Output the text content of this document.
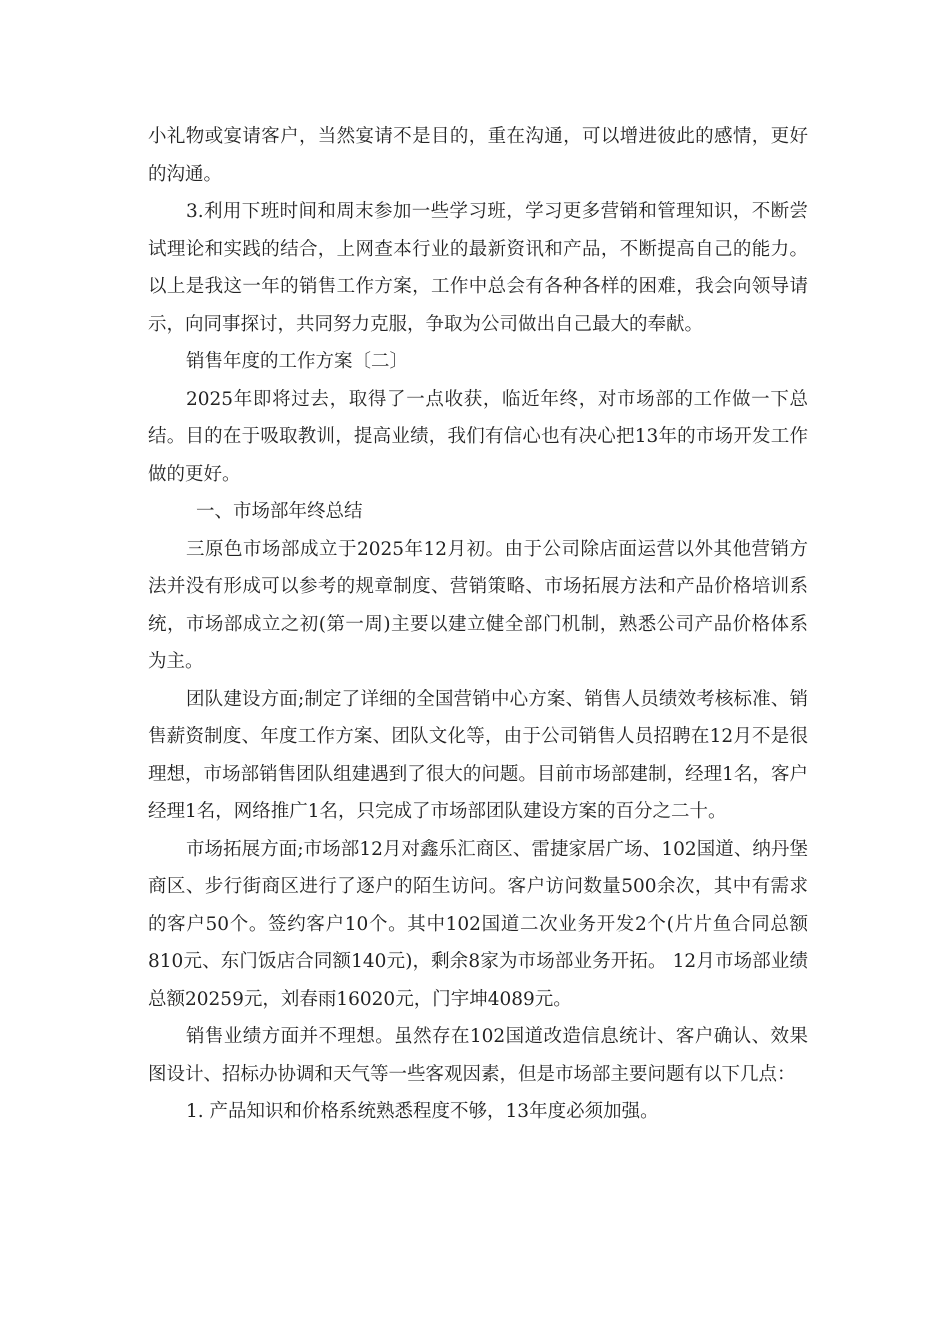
小礼物或宴请客户，当然宴请不是目的，重在沟通，可以增进彼此的感情，更好的沟通。

3.利用下班时间和周末参加一些学习班，学习更多营销和管理知识，不断尝试理论和实践的结合，上网查本行业的最新资讯和产品，不断提高自己的能力。以上是我这一年的销售工作方案，工作中总会有各种各样的困难，我会向领导请示，向同事探讨，共同努力克服，争取为公司做出自己最大的奉献。

销售年度的工作方案〔二〕

2025年即将过去，取得了一点收获，临近年终，对市场部的工作做一下总结。目的在于吸取教训，提高业绩，我们有信心也有决心把13年的市场开发工作做的更好。

一、市场部年终总结

三原色市场部成立于2025年12月初。由于公司除店面运营以外其他营销方法并没有形成可以参考的规章制度、营销策略、市场拓展方法和产品价格培训系统，市场部成立之初(第一周)主要以建立健全部门机制，熟悉公司产品价格体系为主。

团队建设方面;制定了详细的全国营销中心方案、销售人员绩效考核标准、销售薪资制度、年度工作方案、团队文化等，由于公司销售人员招聘在12月不是很理想，市场部销售团队组建遇到了很大的问题。目前市场部建制，经理1名，客户经理1名，网络推广1名，只完成了市场部团队建设方案的百分之二十。

市场拓展方面;市场部12月对鑫乐汇商区、雷捷家居广场、102国道、纳丹堡商区、步行街商区进行了逐户的陌生访问。客户访问数量500余次，其中有需求的客户50个。签约客户10个。其中102国道二次业务开发2个(片片鱼合同总额810元、东门饭店合同额140元)，剩余8家为市场部业务开拓。 12月市场部业绩总额20259元，刘春雨16020元，门宇坤4089元。

销售业绩方面并不理想。虽然存在102国道改造信息统计、客户确认、效果图设计、招标办协调和天气等一些客观因素，但是市场部主要问题有以下几点：

1. 产品知识和价格系统熟悉程度不够，13年度必须加强。
